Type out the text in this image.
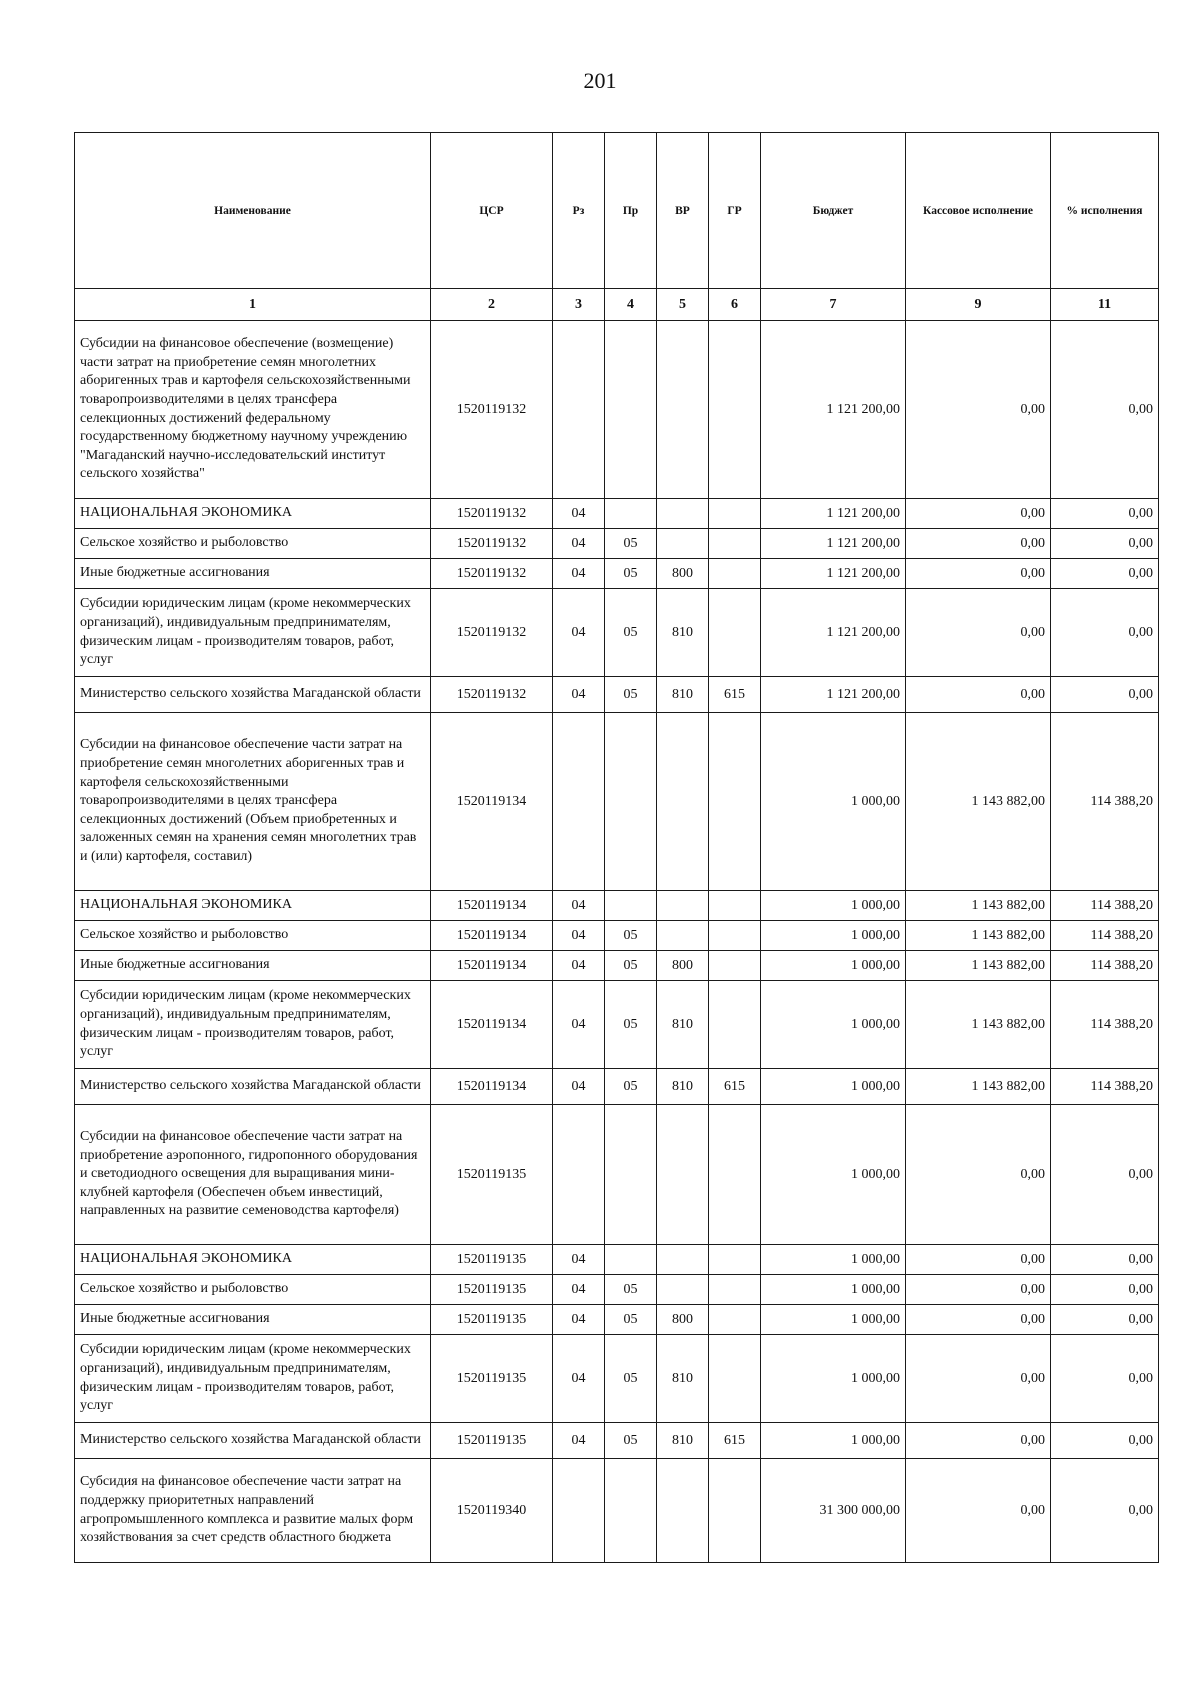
201
Наименование	ЦСР	Рз	Пр	ВР	ГР	Бюджет	Кассовое исполнение	% исполнения
1	2	3	4	5	6	7	9	11
Субсидии на финансовое обеспечение (возмещение) части затрат на приобретение семян многолетних аборигенных трав и картофеля сельскохозяйственными товаропроизводителями в целях трансфера селекционных достижений федеральному государственному бюджетному научному учреждению "Магаданский научно-исследовательский институт сельского хозяйства"	1520119132					1 121 200,00	0,00	0,00
НАЦИОНАЛЬНАЯ ЭКОНОМИКА	1520119132	04				1 121 200,00	0,00	0,00
Сельское хозяйство и рыболовство	1520119132	04	05			1 121 200,00	0,00	0,00
Иные бюджетные ассигнования	1520119132	04	05	800		1 121 200,00	0,00	0,00
Субсидии юридическим лицам (кроме некоммерческих организаций), индивидуальным предпринимателям, физическим лицам - производителям товаров, работ, услуг	1520119132	04	05	810		1 121 200,00	0,00	0,00
Министерство сельского хозяйства Магаданской области	1520119132	04	05	810	615	1 121 200,00	0,00	0,00
Субсидии на финансовое обеспечение части затрат на приобретение семян многолетних аборигенных трав и картофеля сельскохозяйственными товаропроизводителями в целях трансфера селекционных достижений (Объем приобретенных и заложенных семян на хранения семян многолетних трав и (или) картофеля, составил)	1520119134					1 000,00	1 143 882,00	114 388,20
НАЦИОНАЛЬНАЯ ЭКОНОМИКА	1520119134	04				1 000,00	1 143 882,00	114 388,20
Сельское хозяйство и рыболовство	1520119134	04	05			1 000,00	1 143 882,00	114 388,20
Иные бюджетные ассигнования	1520119134	04	05	800		1 000,00	1 143 882,00	114 388,20
Субсидии юридическим лицам (кроме некоммерческих организаций), индивидуальным предпринимателям, физическим лицам - производителям товаров, работ, услуг	1520119134	04	05	810		1 000,00	1 143 882,00	114 388,20
Министерство сельского хозяйства Магаданской области	1520119134	04	05	810	615	1 000,00	1 143 882,00	114 388,20
Субсидии на финансовое обеспечение части затрат на приобретение аэропонного, гидропонного оборудования и светодиодного освещения для выращивания мини-клубней картофеля (Обеспечен объем инвестиций, направленных на развитие семеноводства картофеля)	1520119135					1 000,00	0,00	0,00
НАЦИОНАЛЬНАЯ ЭКОНОМИКА	1520119135	04				1 000,00	0,00	0,00
Сельское хозяйство и рыболовство	1520119135	04	05			1 000,00	0,00	0,00
Иные бюджетные ассигнования	1520119135	04	05	800		1 000,00	0,00	0,00
Субсидии юридическим лицам (кроме некоммерческих организаций), индивидуальным предпринимателям, физическим лицам - производителям товаров, работ, услуг	1520119135	04	05	810		1 000,00	0,00	0,00
Министерство сельского хозяйства Магаданской области	1520119135	04	05	810	615	1 000,00	0,00	0,00
Субсидия на финансовое обеспечение части затрат на поддержку приоритетных направлений агропромышленного комплекса и развитие малых форм хозяйствования за счет средств областного бюджета	1520119340					31 300 000,00	0,00	0,00
